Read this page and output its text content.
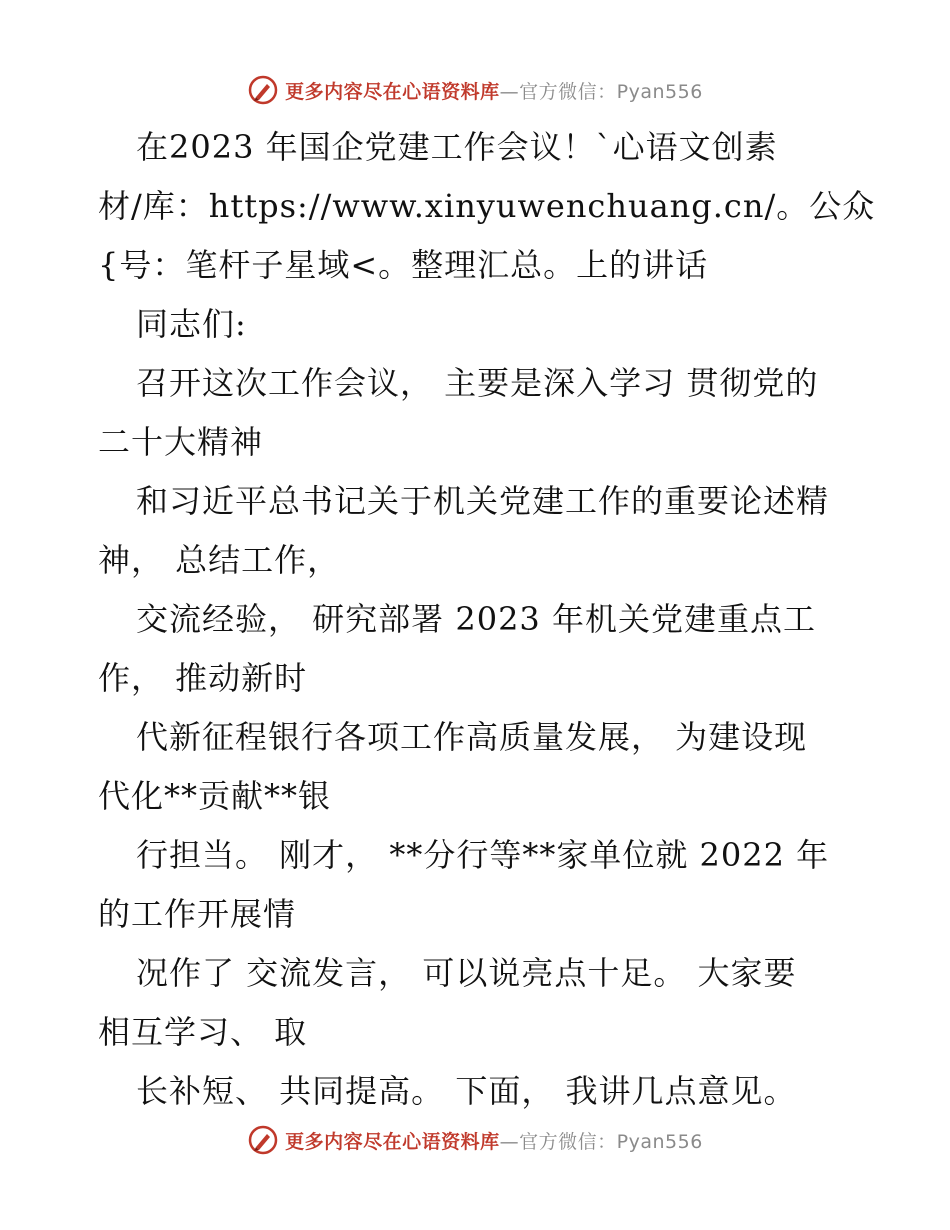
更多内容尽在心语资料库—官方微信：Pyan556
在2023 年国企党建工作会议！`心语文创素
材/库：https://www.xinyuwenchuang.cn/。公众
{号：笔杆子星域<。整理汇总。上的讲话
同志们:
召开这次工作会议， 主要是深入学习 贯彻党的
二十大精神
和习近平总书记关于机关党建工作的重要论述精
神， 总结工作，
交流经验， 研究部署 2023 年机关党建重点工
作， 推动新时
代新征程银行各项工作高质量发展， 为建设现
代化**贡献**银
行担当。 刚才， **分行等**家单位就 2022 年
的工作开展情
况作了 交流发言， 可以说亮点十足。 大家要
相互学习、 取
长补短、 共同提高。 下面， 我讲几点意见。
更多内容尽在心语资料库—官方微信：Pyan556
